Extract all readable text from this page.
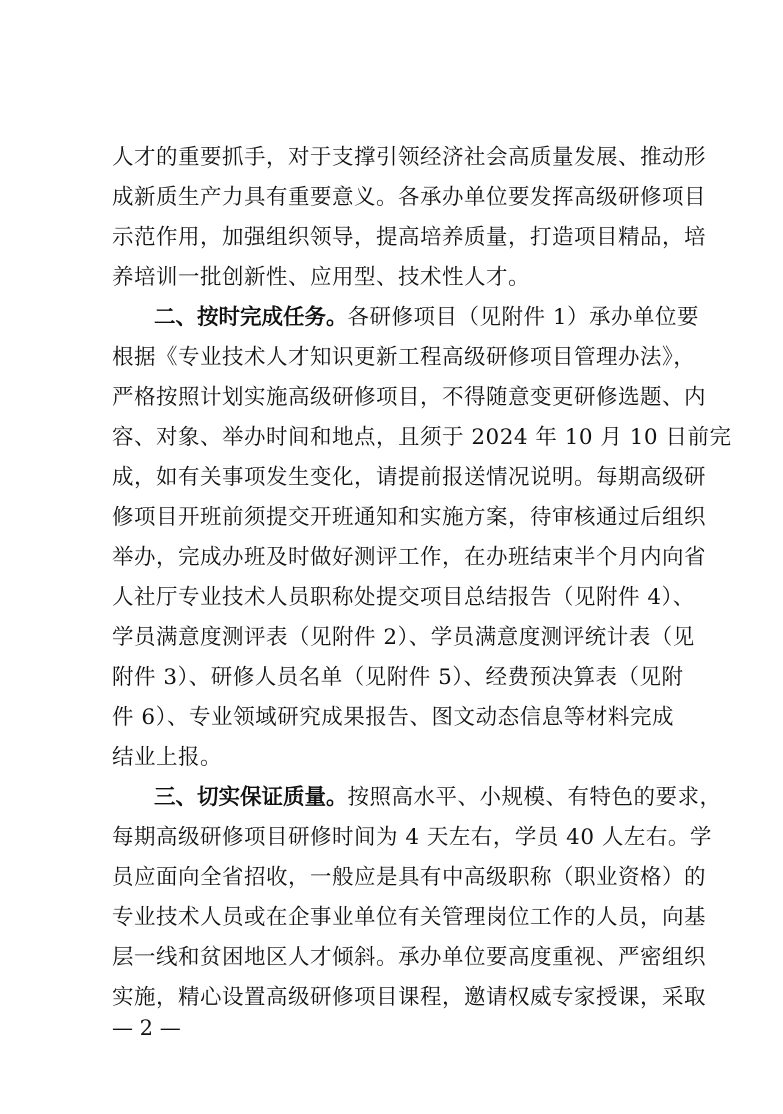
人才的重要抓手，对于支撑引领经济社会高质量发展、推动形
成新质生产力具有重要意义。各承办单位要发挥高级研修项目
示范作用，加强组织领导，提高培养质量，打造项目精品，培
养培训一批创新性、应用型、技术性人才。
二、按时完成任务。各研修项目（见附件 1）承办单位要
根据《专业技术人才知识更新工程高级研修项目管理办法》，
严格按照计划实施高级研修项目，不得随意变更研修选题、内
容、对象、举办时间和地点，且须于 2024 年 10 月 10 日前完
成，如有关事项发生变化，请提前报送情况说明。每期高级研
修项目开班前须提交开班通知和实施方案，待审核通过后组织
举办，完成办班及时做好测评工作，在办班结束半个月内向省
人社厅专业技术人员职称处提交项目总结报告（见附件 4）、
学员满意度测评表（见附件 2）、学员满意度测评统计表（见
附件 3）、研修人员名单（见附件 5）、经费预决算表（见附
件 6）、专业领域研究成果报告、图文动态信息等材料完成
结业上报。
三、切实保证质量。按照高水平、小规模、有特色的要求，
每期高级研修项目研修时间为 4 天左右，学员 40 人左右。学
员应面向全省招收，一般应是具有中高级职称（职业资格）的
专业技术人员或在企事业单位有关管理岗位工作的人员，向基
层一线和贫困地区人才倾斜。承办单位要高度重视、严密组织
实施，精心设置高级研修项目课程，邀请权威专家授课，采取
— 2 —
